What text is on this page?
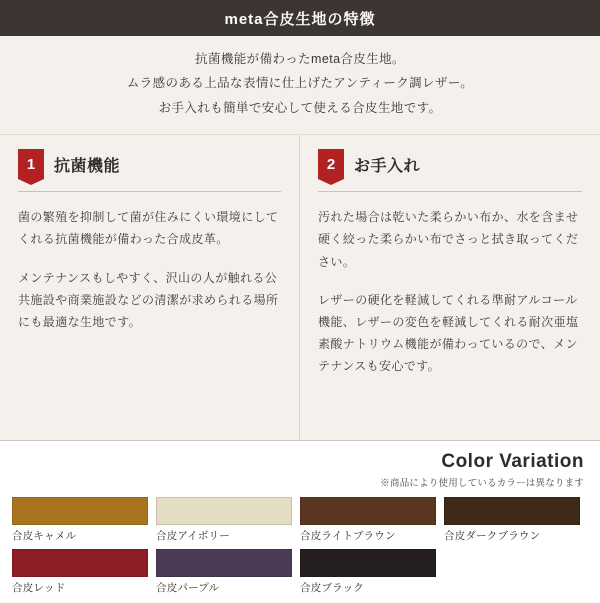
meta合皮生地の特徴

抗菌機能が備わったmeta合皮生地。

ムラ感のある上品な表情に仕上げたアンティーク調レザー。

お手入れも簡単で安心して使える合皮生地です。

1	抗菌機能

菌の繁殖を抑制して菌が住みにくい環境にしてくれる抗菌機能が備わった合成皮革。

メンテナンスもしやすく、沢山の人が触れる公共施設や商業施設などの清潔が求められる場所にも最適な生地です。

2	お手入れ

汚れた場合は乾いた柔らかい布か、水を含ませ硬く絞った柔らかい布でさっと拭き取ってください。

レザーの硬化を軽減してくれる準耐アルコール機能、レザーの変色を軽減してくれる耐次亜塩素酸ナトリウム機能が備わっているので、メンテナンスも安心です。

Color Variation
※商品により使用しているカラーは異なります
合皮キャメル	合皮アイボリー	合皮ライトブラウン	合皮ダークブラウン
合皮レッド	合皮パープル	合皮ブラック
